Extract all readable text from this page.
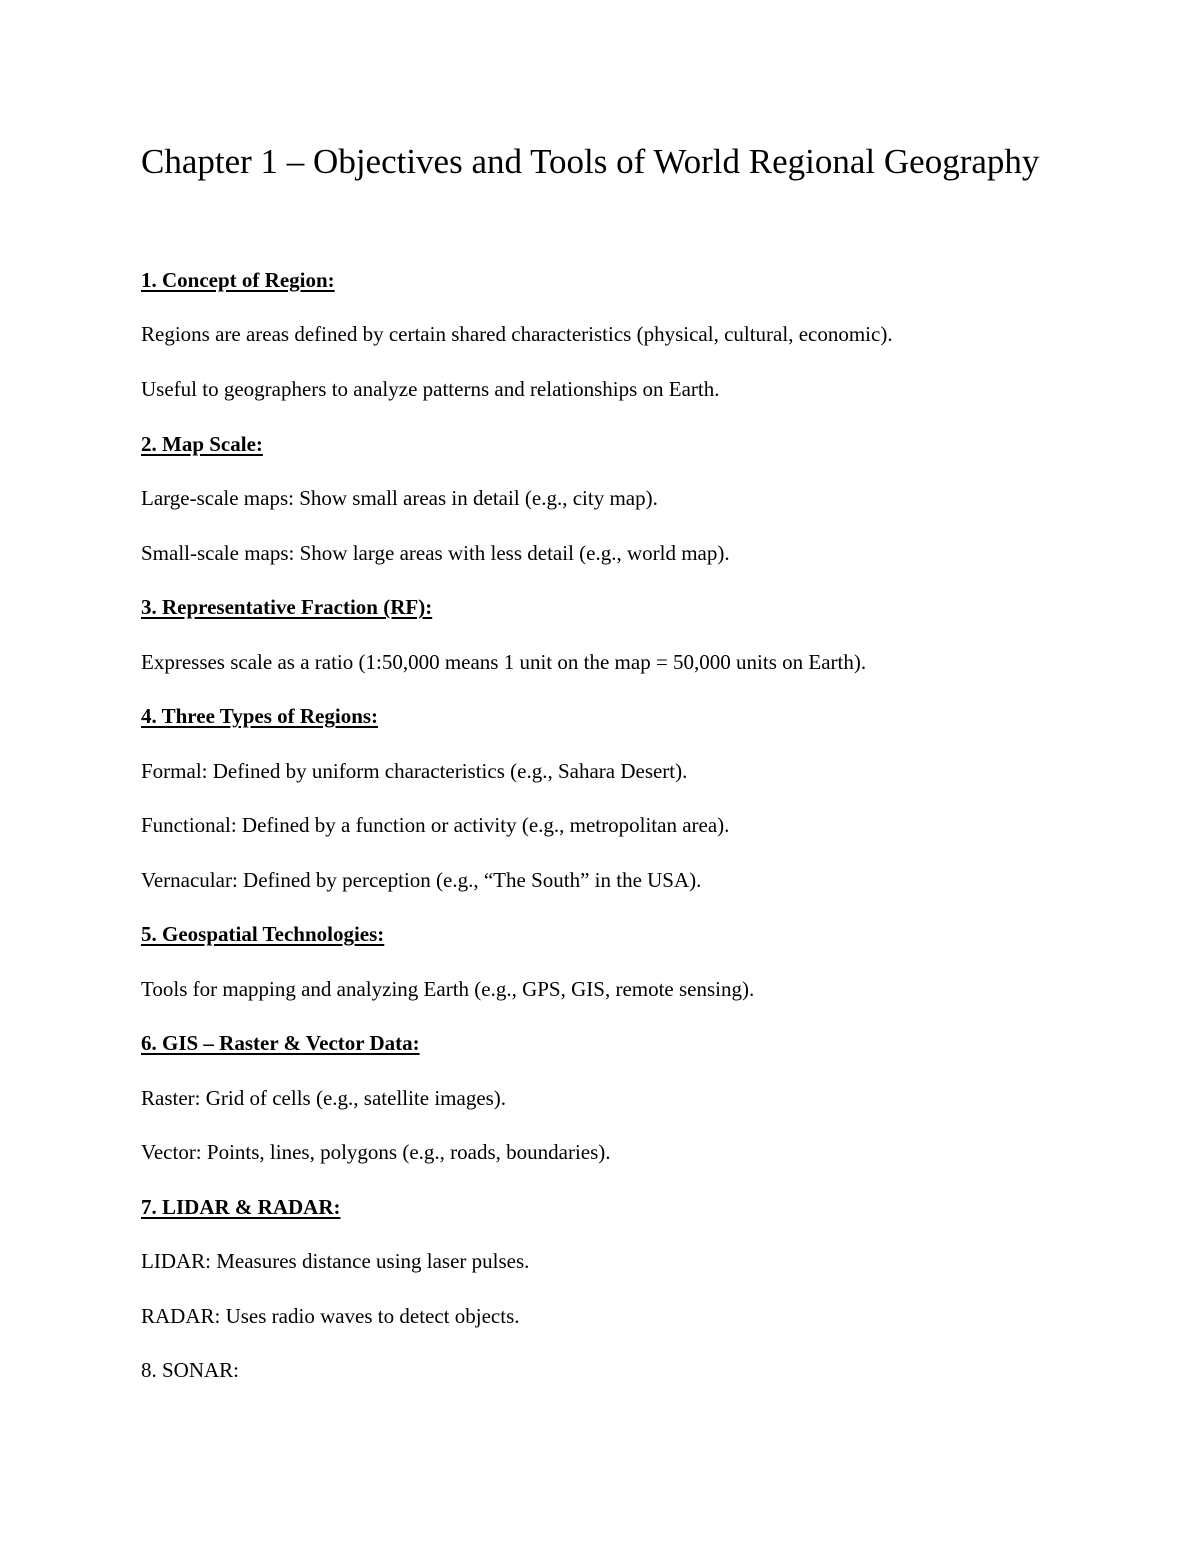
Chapter 1 – Objectives and Tools of World Regional Geography
1. Concept of Region:
Regions are areas defined by certain shared characteristics (physical, cultural, economic).
Useful to geographers to analyze patterns and relationships on Earth.
2. Map Scale:
Large-scale maps: Show small areas in detail (e.g., city map).
Small-scale maps: Show large areas with less detail (e.g., world map).
3. Representative Fraction (RF):
Expresses scale as a ratio (1:50,000 means 1 unit on the map = 50,000 units on Earth).
4. Three Types of Regions:
Formal: Defined by uniform characteristics (e.g., Sahara Desert).
Functional: Defined by a function or activity (e.g., metropolitan area).
Vernacular: Defined by perception (e.g., “The South” in the USA).
5. Geospatial Technologies:
Tools for mapping and analyzing Earth (e.g., GPS, GIS, remote sensing).
6. GIS – Raster & Vector Data:
Raster: Grid of cells (e.g., satellite images).
Vector: Points, lines, polygons (e.g., roads, boundaries).
7. LIDAR & RADAR:
LIDAR: Measures distance using laser pulses.
RADAR: Uses radio waves to detect objects.
8. SONAR:
